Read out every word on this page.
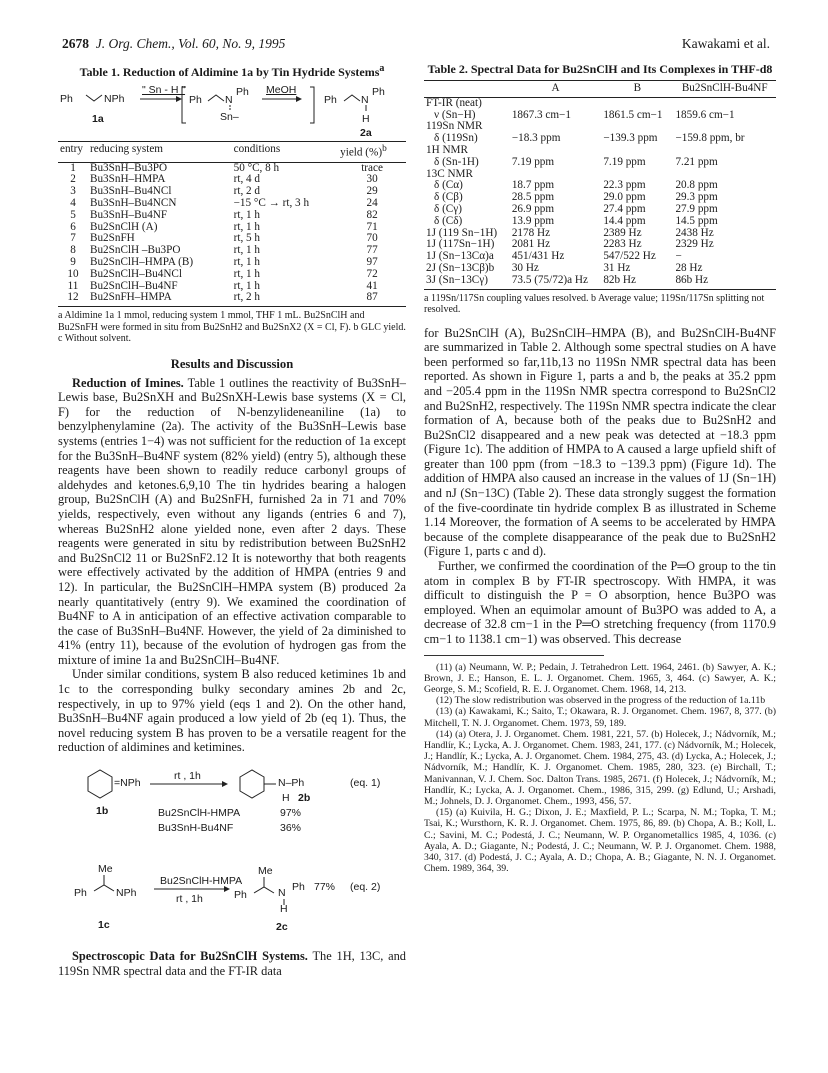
2678 J. Org. Chem., Vol. 60, No. 9, 1995	Kawakami et al.
Table 1. Reduction of Aldimine 1a by Tin Hydride Systems$^a$
Ph	NPh
" Sn - H "
Ph N
Ph
Sn–
MeOH
Ph N
Ph
H
1a
2a
entry	reducing system	conditions	yield (%)$^b$
1	Bu3SnH–Bu3PO	50 °C, 8 h	trace
2	Bu3SnH–HMPA	rt, 4 d	30
3	Bu3SnH–Bu4NCl	rt, 2 d	29
4	Bu3SnH–Bu4NCN	−15 °C → rt, 3 h	24
5	Bu3SnH–Bu4NF	rt, 1 h	82
6	Bu2SnClH (A)	rt, 1 h	71
7	Bu2SnFH	rt, 5 h	70
8	Bu2SnClH –Bu3PO	rt, 1 h	77
9	Bu2SnClH–HMPA (B)	rt, 1 h	97
10	Bu2SnClH–Bu4NCl	rt, 1 h	72
11	Bu2SnClH–Bu4NF	rt, 1 h	41
12	Bu2SnFH–HMPA	rt, 2 h	87
a Aldimine 1a 1 mmol, reducing system 1 mmol, THF 1 mL. Bu2SnClH and Bu2SnFH were formed in situ from Bu2SnH2 and Bu2SnX2 (X = Cl, F). b GLC yield. c Without solvent.
Results and Discussion

Reduction of Imines. Table 1 outlines the reactivity of Bu3SnH–Lewis base, Bu2SnXH and Bu2SnXH-Lewis base systems (X = Cl, F) for the reduction of N-benzylideneaniline (1a) to benzylphenylamine (2a). The activity of the Bu3SnH–Lewis base systems (entries 1−4) was not sufficient for the reduction of 1a except for the Bu3SnH–Bu4NF system (82% yield) (entry 5), although these reagents have been shown to readily reduce carbonyl groups of aldehydes and ketones.6,9,10 The tin hydrides bearing a halogen group, Bu2SnClH (A) and Bu2SnFH, furnished 2a in 71 and 70% yields, respectively, even without any ligands (entries 6 and 7), whereas Bu2SnH2 alone yielded none, even after 2 days. These reagents were generated in situ by redistribution between Bu2SnH2 and Bu2SnCl2 11 or Bu2SnF2.12 It is noteworthy that both reagents were effectively activated by the addition of HMPA (entries 9 and 12). In particular, the Bu2SnClH–HMPA system (B) produced 2a nearly quantitatively (entry 9). We examined the coordination of Bu4NF to A in anticipation of an effective activation comparable to the case of Bu3SnH–Bu4NF. However, the yield of 2a diminished to 41% (entry 11), because of the evolution of hydrogen gas from the mixture of imine 1a and Bu2SnClH–Bu4NF.

Under similar conditions, system B also reduced ketimines 1b and 1c to the corresponding bulky secondary amines 2b and 2c, respectively, in up to 97% yield (eqs 1 and 2). On the other hand, Bu3SnH–Bu4NF again produced a low yield of 2b (eq 1). Thus, the novel reducing system B has proven to be a versatile reagent for the reduction of aldimines and ketimines.

=NPh
rt , 1h
N–Ph
H 2b
(eq. 1)
1b	Bu2SnClH-HMPA	97%
Bu3SnH-Bu4NF	36%
Me
Bu2SnClH-HMPA
rt , 1h
Ph	NPh
Me
Ph	N Ph
H
77% (eq. 2)
1c	2c

Spectroscopic Data for Bu2SnClH Systems. The 1H, 13C, and 119Sn NMR spectral data and the FT-IR data

Table 2. Spectral Data for Bu2SnClH and Its Complexes in THF-d8
	A	B	Bu2SnClH-Bu4NF
FT-IR (neat)			
ν (Sn−H)	1867.3 cm−1	1861.5 cm−1	1859.6 cm−1
119Sn NMR			
δ (119Sn)	−18.3 ppm	−139.3 ppm	−159.8 ppm, br
1H NMR			
δ (Sn-1H)	7.19 ppm	7.19 ppm	7.21 ppm
13C NMR			
δ (Cα)	18.7 ppm	22.3 ppm	20.8 ppm
δ (Cβ)	28.5 ppm	29.0 ppm	29.3 ppm
δ (Cγ)	26.9 ppm	27.4 ppm	27.9 ppm
δ (Cδ)	13.9 ppm	14.4 ppm	14.5 ppm
1J (119 Sn−1H)	2178 Hz	2389 Hz	2438 Hz
1J (117Sn−1H)	2081 Hz	2283 Hz	2329 Hz
1J (Sn−13Cα)a	451/431 Hz	547/522 Hz	−
2J (Sn−13Cβ)b	30 Hz	31 Hz	28 Hz
3J (Sn−13Cγ)	73.5 (75/72)a Hz	82b Hz	86b Hz
a 119Sn/117Sn coupling values resolved. b Average value; 119Sn/117Sn splitting not resolved.

for Bu2SnClH (A), Bu2SnClH–HMPA (B), and Bu2SnClH-Bu4NF are summarized in Table 2. Although some spectral studies on A have been performed so far,11b,13 no 119Sn NMR spectral data has been reported. As shown in Figure 1, parts a and b, the peaks at 35.2 ppm and −205.4 ppm in the 119Sn NMR spectra correspond to Bu2SnCl2 and Bu2SnH2, respectively. The 119Sn NMR spectra indicate the clear formation of A, because both of the peaks due to Bu2SnH2 and Bu2SnCl2 disappeared and a new peak was detected at −18.3 ppm (Figure 1c). The addition of HMPA to A caused a large upfield shift of greater than 100 ppm (from −18.3 to −139.3 ppm) (Figure 1d). The addition of HMPA also caused an increase in the values of 1J (Sn−1H) and nJ (Sn−13C) (Table 2). These data strongly suggest the formation of the five-coordinate tin hydride complex B as illustrated in Scheme 1.14 Moreover, the formation of A seems to be accelerated by HMPA because of the complete disappearance of the peak due to Bu2SnH2 (Figure 1, parts c and d).

Further, we confirmed the coordination of the P═O group to the tin atom in complex B by FT-IR spectroscopy. With HMPA, it was difficult to distinguish the P = O absorption, hence Bu3PO was employed. When an equimolar amount of Bu3PO was added to A, a decrease of 32.8 cm−1 in the P═O stretching frequency (from 1170.9 cm−1 to 1138.1 cm−1) was observed. This decrease

(11) (a) Neumann, W. P.; Pedain, J. Tetrahedron Lett. 1964, 2461. (b) Sawyer, A. K.; Brown, J. E.; Hanson, E. L. J. Organomet. Chem. 1965, 3, 464. (c) Sawyer, A. K.; George, S. M.; Scofield, R. E. J. Organomet. Chem. 1968, 14, 213.
(12) The slow redistribution was observed in the progress of the reduction of 1a.11b
(13) (a) Kawakami, K.; Saito, T.; Okawara, R. J. Organomet. Chem. 1967, 8, 377. (b) Mitchell, T. N. J. Organomet. Chem. 1973, 59, 189.
(14) (a) Otera, J. J. Organomet. Chem. 1981, 221, 57. (b) Holecek, J.; Nádvorník, M.; Handlír, K.; Lycka, A. J. Organomet. Chem. 1983, 241, 177. (c) Nádvorník, M.; Holecek, J.; Handlír, K.; Lycka, A. J. Organomet. Chem. 1984, 275, 43. (d) Lycka, A.; Holecek, J.; Nádvorník, M.; Handlír, K. J. Organomet. Chem. 1985, 280, 323. (e) Birchall, T.; Manivannan, V. J. Chem. Soc. Dalton Trans. 1985, 2671. (f) Holecek, J.; Nádvorník, M.; Handlír, K.; Lycka, A. J. Organomet. Chem., 1986, 315, 299. (g) Edlund, U.; Arshadi, M.; Johnels, D. J. Organomet. Chem., 1993, 456, 57.
(15) (a) Kuivila, H. G.; Dixon, J. E.; Maxfield, P. L.; Scarpa, N. M.; Topka, T. M.; Tsai, K.; Wursthorn, K. R. J. Organomet. Chem. 1975, 86, 89. (b) Chopa, A. B.; Koll, L. C.; Savini, M. C.; Podestá, J. C.; Neumann, W. P. Organometallics 1985, 4, 1036. (c) Ayala, A. D.; Giagante, N.; Podestá, J. C.; Neumann, W. P. J. Organomet. Chem. 1988, 340, 317. (d) Podestá, J. C.; Ayala, A. D.; Chopa, A. B.; Giagante, N. N. J. Organomet. Chem. 1989, 364, 39.
